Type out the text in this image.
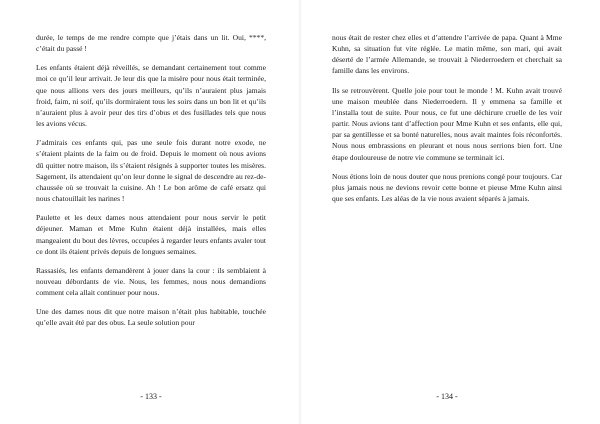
durée, le temps de me rendre compte que j’étais dans un lit. Oui, ****, c’était du passé !

Les enfants étaient déjà réveillés, se demandant certainement tout comme moi ce qu’il leur arrivait. Je leur dis que la misère pour nous était terminée, que nous allions vers des jours meilleurs, qu’ils n’auraient plus jamais froid, faim, ni soif, qu’ils dormiraient tous les soirs dans un bon lit et qu’ils n’auraient plus à avoir peur des tirs d’obus et des fusillades tels que nous les avions vécus.

J’admirais ces enfants qui, pas une seule fois durant notre exode, ne s’étaient plaints de la faim ou de froid. Depuis le moment où nous avions dû quitter notre maison, ils s’étaient résignés à supporter toutes les misères. Sagement, ils attendaient qu’on leur donne le signal de descendre au rez-de-chaussée où se trouvait la cuisine. Ah ! Le bon arôme de café ersatz qui nous chatouillait les narines !

Paulette et les deux dames nous attendaient pour nous servir le petit déjeuner. Maman et Mme Kuhn étaient déjà installées, mais elles mangeaient du bout des lèvres, occupées à regarder leurs enfants avaler tout ce dont ils étaient privés depuis de longues semaines.

Rassasiés, les enfants demandèrent à jouer dans la cour : ils semblaient à nouveau débordants de vie. Nous, les femmes, nous nous demandions comment cela allait continuer pour nous.

Une des dames nous dit que notre maison n’était plus habitable, touchée qu’elle avait été par des obus. La seule solution pour

- 133 -

nous était de rester chez elles et d’attendre l’arrivée de papa. Quant à Mme Kuhn, sa situation fut vite réglée. Le matin même, son mari, qui avait déserté de l’armée Allemande, se trouvait à Niederroedern et cherchait sa famille dans les environs.

Ils se retrouvèrent. Quelle joie pour tout le monde ! M. Kuhn avait trouvé une maison meublée dans Niederroedern. Il y emmena sa famille et l’installa tout de suite. Pour nous, ce fut une déchirure cruelle de les voir partir. Nous avions tant d’affection pour Mme Kuhn et ses enfants, elle qui, par sa gentillesse et sa bonté naturelles, nous avait maintes fois réconfortés. Nous nous embrassions en pleurant et nous nous serrions bien fort. Une étape douloureuse de notre vie commune se terminait ici.

Nous étions loin de nous douter que nous prenions congé pour toujours. Car plus jamais nous ne devions revoir cette bonne et pieuse Mme Kuhn ainsi que ses enfants. Les aléas de la vie nous avaient séparés à jamais.

- 134 -
